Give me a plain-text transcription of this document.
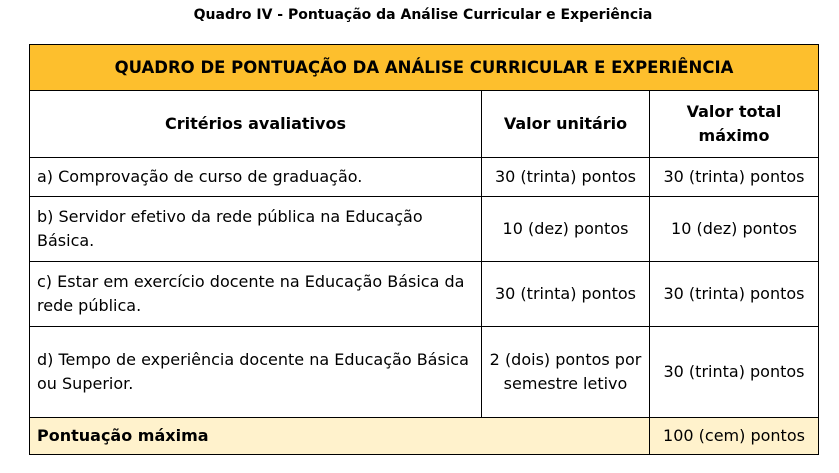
Quadro IV - Pontuação da Análise Curricular e Experiência
QUADRO DE PONTUAÇÃO DA ANÁLISE CURRICULAR E EXPERIÊNCIA		
Critérios avaliativos	Valor unitário	Valor total máximo
a) Comprovação de curso de graduação.	30 (trinta) pontos	30 (trinta) pontos
b) Servidor efetivo da rede pública na Educação Básica.	10 (dez) pontos	10 (dez) pontos
c) Estar em exercício docente na Educação Básica da rede pública.	30 (trinta) pontos	30 (trinta) pontos
d) Tempo de experiência docente na Educação Básica ou Superior.	2 (dois) pontos por semestre letivo	30 (trinta) pontos
Pontuação máxima		100 (cem) pontos
